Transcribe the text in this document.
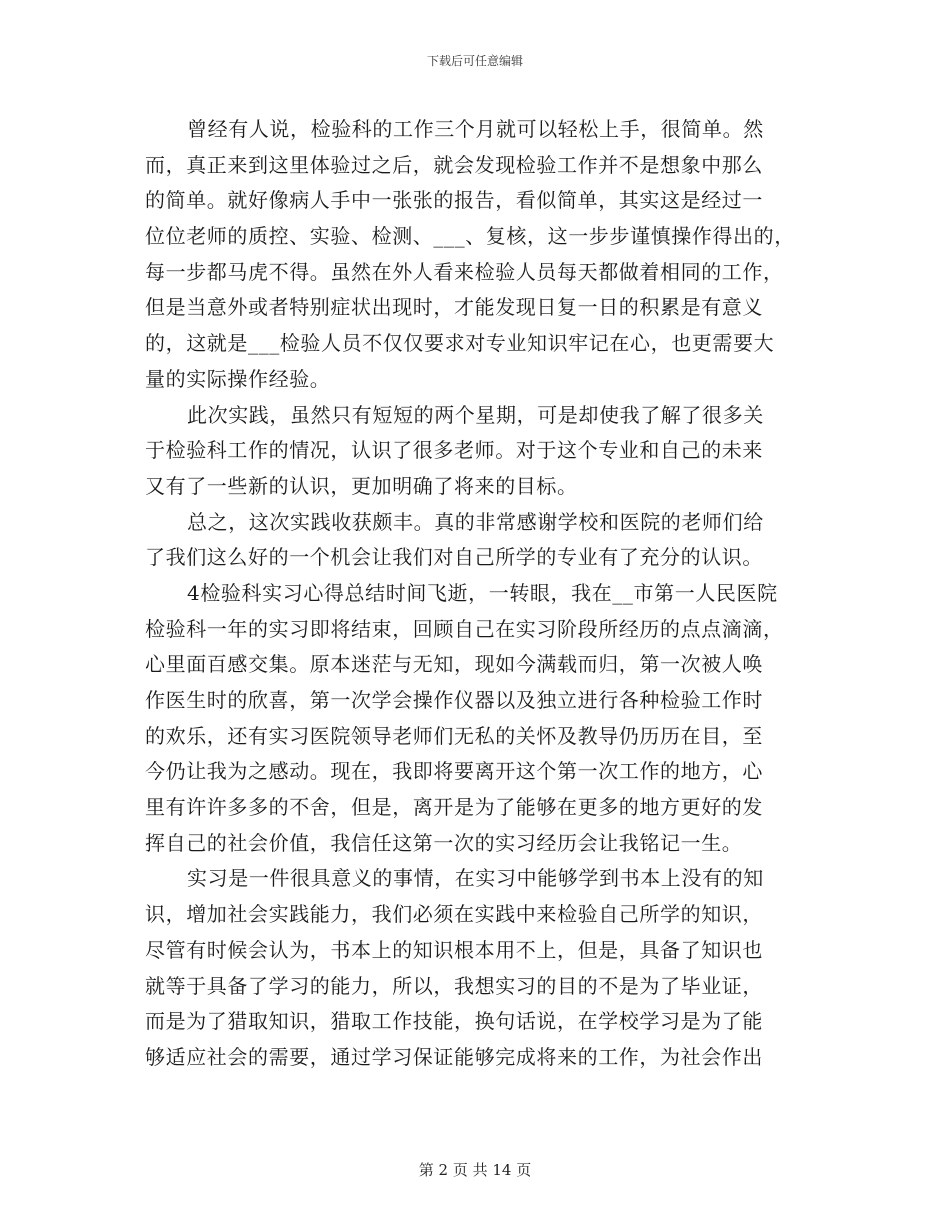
下载后可任意编辑
曾经有人说，检验科的工作三个月就可以轻松上手，很简单。然
而，真正来到这里体验过之后，就会发现检验工作并不是想象中那么
的简单。就好像病人手中一张张的报告，看似简单，其实这是经过一
位位老师的质控、实验、检测、___、复核，这一步步谨慎操作得出的，
每一步都马虎不得。虽然在外人看来检验人员每天都做着相同的工作，
但是当意外或者特别症状出现时，才能发现日复一日的积累是有意义
的，这就是___检验人员不仅仅要求对专业知识牢记在心，也更需要大
量的实际操作经验。
此次实践，虽然只有短短的两个星期，可是却使我了解了很多关
于检验科工作的情况，认识了很多老师。对于这个专业和自己的未来
又有了一些新的认识，更加明确了将来的目标。
总之，这次实践收获颇丰。真的非常感谢学校和医院的老师们给
了我们这么好的一个机会让我们对自己所学的专业有了充分的认识。
4检验科实习心得总结时间飞逝，一转眼，我在__市第一人民医院
检验科一年的实习即将结束，回顾自己在实习阶段所经历的点点滴滴，
心里面百感交集。原本迷茫与无知，现如今满载而归，第一次被人唤
作医生时的欣喜，第一次学会操作仪器以及独立进行各种检验工作时
的欢乐，还有实习医院领导老师们无私的关怀及教导仍历历在目，至
今仍让我为之感动。现在，我即将要离开这个第一次工作的地方，心
里有许许多多的不舍，但是，离开是为了能够在更多的地方更好的发
挥自己的社会价值，我信任这第一次的实习经历会让我铭记一生。
实习是一件很具意义的事情，在实习中能够学到书本上没有的知
识，增加社会实践能力，我们必须在实践中来检验自己所学的知识，
尽管有时候会认为，书本上的知识根本用不上，但是，具备了知识也
就等于具备了学习的能力，所以，我想实习的目的不是为了毕业证，
而是为了猎取知识，猎取工作技能，换句话说，在学校学习是为了能
够适应社会的需要，通过学习保证能够完成将来的工作，为社会作出
第 2 页 共 14 页
